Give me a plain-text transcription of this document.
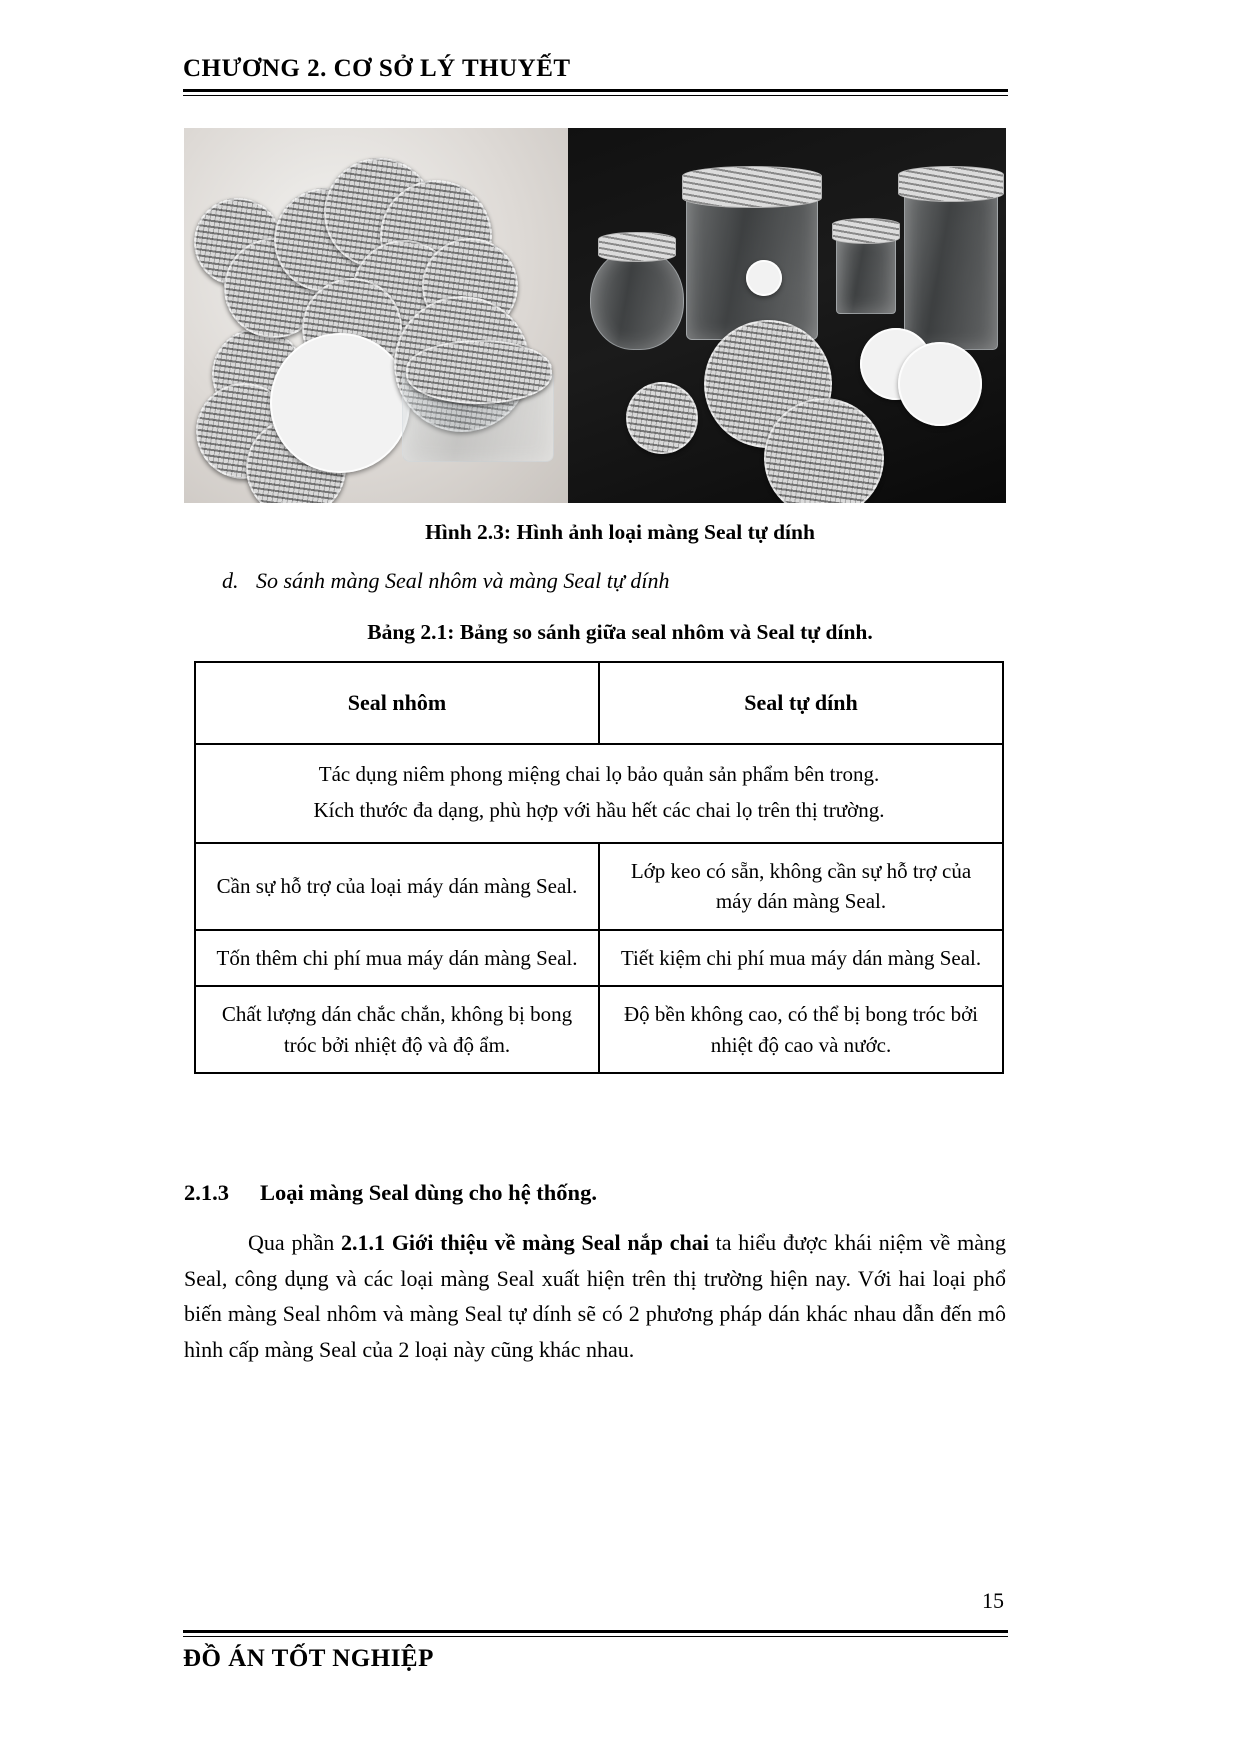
CHƯƠNG 2. CƠ SỞ LÝ THUYẾT
Hình 2.3: Hình ảnh loại màng Seal tự dính
d. So sánh màng Seal nhôm và màng Seal tự dính
Bảng 2.1: Bảng so sánh giữa seal nhôm và Seal tự dính.
Seal nhôm	Seal tự dính

Tác dụng niêm phong miệng chai lọ bảo quản sản phẩm bên trong.

Kích thước đa dạng, phù hợp với hầu hết các chai lọ trên thị trường.	

Cần sự hỗ trợ của loại máy dán màng Seal.	Lớp keo có sẵn, không cần sự hỗ trợ của máy dán màng Seal.
Tốn thêm chi phí mua máy dán màng Seal.	Tiết kiệm chi phí mua máy dán màng Seal.
Chất lượng dán chắc chắn, không bị bong tróc bởi nhiệt độ và độ ẩm.	Độ bền không cao, có thể bị bong tróc bởi nhiệt độ cao và nước.
2.1.3 Loại màng Seal dùng cho hệ thống.
Qua phần 2.1.1 Giới thiệu về màng Seal nắp chai ta hiểu được khái niệm về màng Seal, công dụng và các loại màng Seal xuất hiện trên thị trường hiện nay. Với hai loại phổ biến màng Seal nhôm và màng Seal tự dính sẽ có 2 phương pháp dán khác nhau dẫn đến mô hình cấp màng Seal của 2 loại này cũng khác nhau.
15
ĐỒ ÁN TỐT NGHIỆP
